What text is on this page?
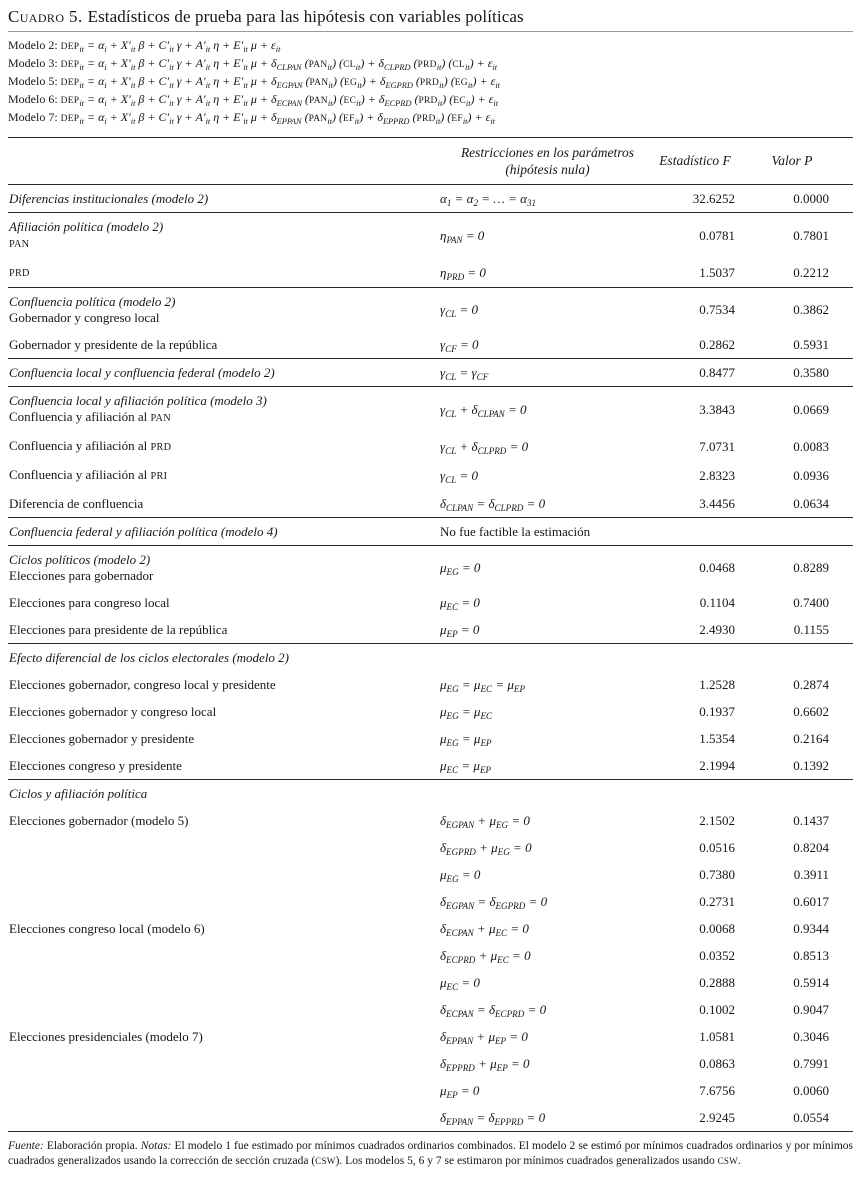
Cuadro 5. Estadísticos de prueba para las hipótesis con variables políticas
Modelo 2: $DEP_{it} = \alpha_i + X'_{it}$ $\beta + C'_{it}$ $\gamma + A'_{it}$ $\eta + E'_{it}$ $\mu + \varepsilon_{it}$
Modelo 3: $DEP_{it} = \alpha_i + X'_{it}$ $\beta + C'_{it}$ $\gamma + A'_{it}$ $\eta + E'_{it}$ $\mu + \delta_{CLPAN}$ $(PAN_{it}) (CL_{it}) + \delta_{CLPRD}$ $(PRD_{it}) (CL_{it}) + \varepsilon_{it}$
Modelo 5: $DEP_{it} = \alpha_i + X'_{it}$ $\beta + C'_{it}$ $\gamma + A'_{it}$ $\eta + E'_{it}$ $\mu + \delta_{EGPAN}$ $(PAN_{it}) (EG_{it}) + \delta_{EGPRD}$ $(PRD_{it}) (EG_{it}) + \varepsilon_{it}$
Modelo 6: $DEP_{it} = \alpha_i + X'_{it}$ $\beta + C'_{it}$ $\gamma + A'_{it}$ $\eta + E'_{it}$ $\mu + \delta_{ECPAN}$ $(PAN_{it}) (EC_{it}) + \delta_{ECPRD}$ $(PRD_{it}) (EC_{it}) + \varepsilon_{it}$
Modelo 7: $DEP_{it} = \alpha_i + X'_{it}$ $\beta + C'_{it}$ $\gamma + A'_{it}$ $\eta + E'_{it}$ $\mu + \delta_{EPPAN}$ $(PAN_{it}) (EF_{it}) + \delta_{EPPRD}$ $(PRD_{it}) (EF_{it}) + \varepsilon_{it}$

	Restricciones en los parámetros
(hipótesis nula)	Estadístico F	Valor P

Diferencias institucionales (modelo 2)	$\alpha_1 = \alpha_2$ = … = $\alpha_{31}$	32.6252	0.0000

Afiliación política (modelo 2)
PAN	$\eta_{PAN} = 0$	0.0781	0.7801

PRD	$\eta_{PRD} = 0$	1.5037	0.2212

Confluencia política (modelo 2)
Gobernador y congreso local	$\gamma_{CL} = 0$	0.7534	0.3862

Gobernador y presidente de la república	$\gamma_{CF} = 0$	0.2862	0.5931

Confluencia local y confluencia federal (modelo 2)	$\gamma_{CL} = \gamma_{CF}$	0.8477	0.3580

Confluencia local y afiliación política (modelo 3)
Confluencia y afiliación al PAN	$\gamma_{CL} + \delta_{CLPAN} = 0$	3.3843	0.0669

Confluencia y afiliación al PRD	$\gamma_{CL} + \delta_{CLPRD} = 0$	7.0731	0.0083

Confluencia y afiliación al PRI	$\gamma_{CL} = 0$	2.8323	0.0936

Diferencia de confluencia	$\delta_{CLPAN} = \delta_{CLPRD} = 0$	3.4456	0.0634

Confluencia federal y afiliación política (modelo 4)	No fue factible la estimación		

Ciclos políticos (modelo 2)
Elecciones para gobernador	$\mu_{EG} = 0$	0.0468	0.8289

Elecciones para congreso local	$\mu_{EC} = 0$	0.1104	0.7400

Elecciones para presidente de la república	$\mu_{EP} = 0$	2.4930	0.1155

Efecto diferencial de los ciclos electorales (modelo 2)			

Elecciones gobernador, congreso local y presidente	$\mu_{EG} = \mu_{EC} = \mu_{EP}$	1.2528	0.2874

Elecciones gobernador y congreso local	$\mu_{EG} = \mu_{EC}$	0.1937	0.6602

Elecciones gobernador y presidente	$\mu_{EG} = \mu_{EP}$	1.5354	0.2164

Elecciones congreso y presidente	$\mu_{EC} = \mu_{EP}$	2.1994	0.1392

Ciclos y afiliación política			

Elecciones gobernador (modelo 5)	$\delta_{EGPAN} + \mu_{EG} = 0$	2.1502	0.1437
	$\delta_{EGPRD} + \mu_{EG} = 0$	0.0516	0.8204
	$\mu_{EG} = 0$	0.7380	0.3911
	$\delta_{EGPAN} = \delta_{EGPRD} = 0$	0.2731	0.6017

Elecciones congreso local (modelo 6)	$\delta_{ECPAN} + \mu_{EC} = 0$	0.0068	0.9344
	$\delta_{ECPRD} + \mu_{EC} = 0$	0.0352	0.8513
	$\mu_{EC} = 0$	0.2888	0.5914
	$\delta_{ECPAN} = \delta_{ECPRD} = 0$	0.1002	0.9047

Elecciones presidenciales (modelo 7)	$\delta_{EPPAN} + \mu_{EP} = 0$	1.0581	0.3046
	$\delta_{EPPRD} + \mu_{EP} = 0$	0.0863	0.7991
	$\mu_{EP} = 0$	7.6756	0.0060
	$\delta_{EPPAN} = \delta_{EPPRD} = 0$	2.9245	0.0554

Fuente: Elaboración propia. Notas: El modelo 1 fue estimado por mínimos cuadrados ordinarios combinados. El modelo 2 se estimó por mínimos cuadrados ordinarios y por mínimos cuadrados generalizados usando la corrección de sección cruzada (CSW). Los modelos 5, 6 y 7 se estimaron por mínimos cuadrados generalizados usando CSW.
